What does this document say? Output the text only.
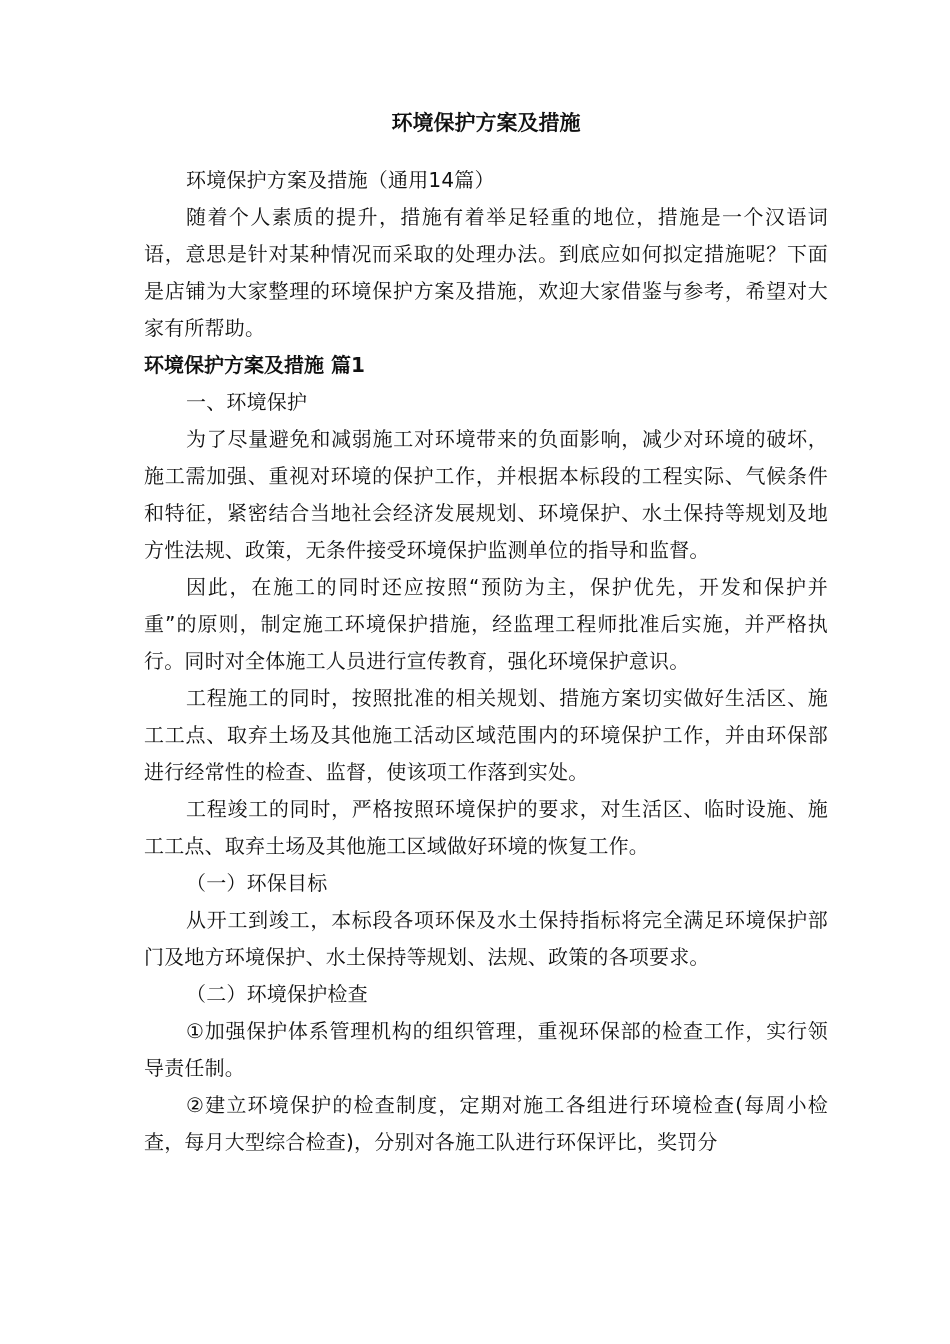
环境保护方案及措施

环境保护方案及措施（通用14篇）

随着个人素质的提升，措施有着举足轻重的地位，措施是一个汉语词语，意思是针对某种情况而采取的处理办法。到底应如何拟定措施呢？下面是店铺为大家整理的环境保护方案及措施，欢迎大家借鉴与参考，希望对大家有所帮助。

环境保护方案及措施 篇1

一、环境保护

为了尽量避免和减弱施工对环境带来的负面影响，减少对环境的破坏，施工需加强、重视对环境的保护工作，并根据本标段的工程实际、气候条件和特征，紧密结合当地社会经济发展规划、环境保护、水土保持等规划及地方性法规、政策，无条件接受环境保护监测单位的指导和监督。

因此，在施工的同时还应按照“预防为主，保护优先，开发和保护并重”的原则，制定施工环境保护措施，经监理工程师批准后实施，并严格执行。同时对全体施工人员进行宣传教育，强化环境保护意识。

工程施工的同时，按照批准的相关规划、措施方案切实做好生活区、施工工点、取弃土场及其他施工活动区域范围内的环境保护工作，并由环保部进行经常性的检查、监督，使该项工作落到实处。

工程竣工的同时，严格按照环境保护的要求，对生活区、临时设施、施工工点、取弃土场及其他施工区域做好环境的恢复工作。

（一）环保目标

从开工到竣工，本标段各项环保及水土保持指标将完全满足环境保护部门及地方环境保护、水土保持等规划、法规、政策的各项要求。

（二）环境保护检查

①加强保护体系管理机构的组织管理，重视环保部的检查工作，实行领导责任制。

②建立环境保护的检查制度，定期对施工各组进行环境检查(每周小检查，每月大型综合检查)，分别对各施工队进行环保评比，奖罚分
